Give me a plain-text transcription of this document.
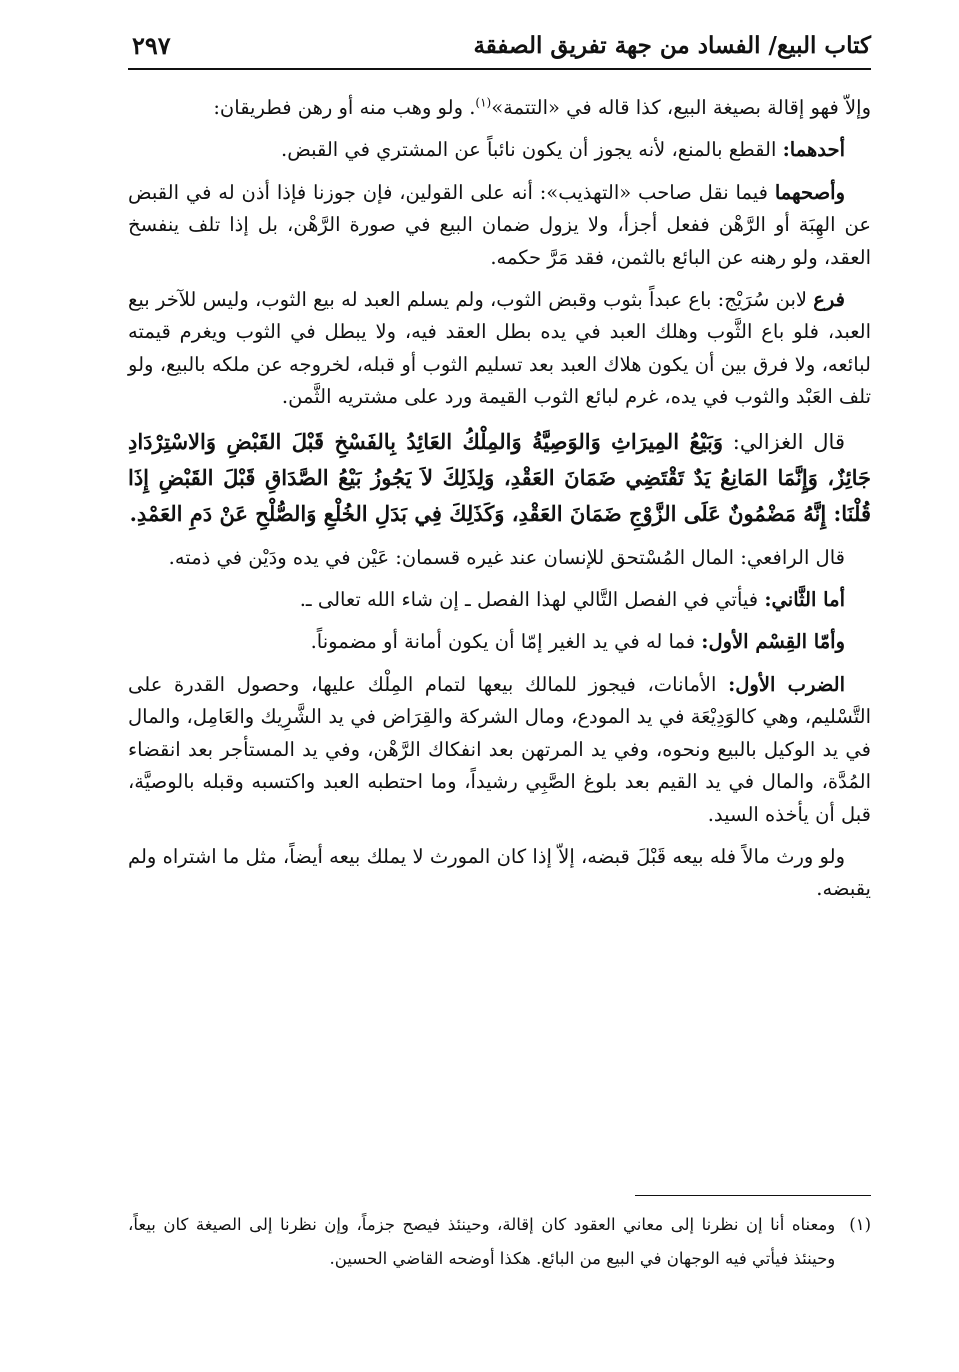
كتاب البيع/ الفساد من جهة تفريق الصفقة
٢٩٧

وإلاّ فهو إقالة بصيغة البيع، كذا قاله في «التتمة»$^{(١)}$. ولو وهب منه أو رهن فطريقان:

أحدهما: القطع بالمنع، لأنه يجوز أن يكون نائباً عن المشتري في القبض.

وأصحهما فيما نقل صاحب «التهذيب»: أنه على القولين، فإن جوزنا فإذا أذن له في القبض عن الهِبَة أو الرَّهْن ففعل أجزأ، ولا يزول ضمان البيع في صورة الرَّهْن، بل إذا تلف ينفسخ العقد، ولو رهنه عن البائع بالثمن، فقد مَرَّ حكمه.

فرع لابن سُرَيْج: باع عبداً بثوب وقبض الثوب، ولم يسلم العبد له بيع الثوب، وليس للآخر بيع العبد، فلو باع الثَّوب وهلك العبد في يده بطل العقد فيه، ولا يبطل في الثوب ويغرم قيمته لبائعه، ولا فرق بين أن يكون هلاك العبد بعد تسليم الثوب أو قبله، لخروجه عن ملكه بالبيع، ولو تلف العَبْد والثوب في يده، غرم لبائع الثوب القيمة ورد على مشتريه الثَّمن.

قال الغزالي: وَبَيْعُ المِيرَاثِ وَالوَصِيَّةُ وَالمِلْكُ العَائِدُ بِالفَسْخِ قَبْلَ القَبْضِ وَالاسْتِرْدَادِ جَائِزٌ، وَإِنَّمَا المَانِعُ يَدٌ تَقْتَضِي ضَمَانَ العَقْدِ، وَلِذَلِكَ لاَ يَجُوزُ بَيْعُ الصَّدَاقِ قَبْلَ القَبْضِ إِذَا قُلْنَا: إِنَّهُ مَضْمُونٌ عَلَى الزَّوْجِ ضَمَانَ العَقْدِ، وَكَذَلِكَ فِي بَدَلِ الخُلْعِ وَالصُّلْحِ عَنْ دَمِ العَمْدِ.

قال الرافعي: المال المُسْتحق للإنسان عند غيره قسمان: عَيْن في يده ودَيْن في ذمته.

أما الثَّاني: فيأتي في الفصل التَّالي لهذا الفصل ـ إن شاء الله تعالى ـ.

وأمّا القِسْم الأول: فما له في يد الغير إمّا أن يكون أمانة أو مضموناً.

الضرب الأول: الأمانات، فيجوز للمالك بيعها لتمام المِلْك عليها، وحصول القدرة على التَّسْليم، وهي كالوَدِيْعَة في يد المودع، ومال الشركة والقِرَاض في يد الشَّرِيك والعَامِل، والمال في يد الوكيل بالبيع ونحوه، وفي يد المرتهن بعد انفكاك الرَّهْن، وفي يد المستأجر بعد انقضاء المُدَّة، والمال في يد القيم بعد بلوغ الصَّبِي رشيداً، وما احتطبه العبد واكتسبه وقبله بالوصيَّة، قبل أن يأخذه السيد.

ولو ورث مالاً فله بيعه قَبْلَ قبضه، إلاّ إذا كان المورث لا يملك بيعه أيضاً، مثل ما اشتراه ولم يقبضه.

(١)
ومعناه أنا إن نظرنا إلى معاني العقود كان إقالة، وحينئذ فيصح جزماً، وإن نظرنا إلى الصيغة كان بيعاً، وحينئذ فيأتي فيه الوجهان في البيع من البائع. هكذا أوضحه القاضي الحسين.
